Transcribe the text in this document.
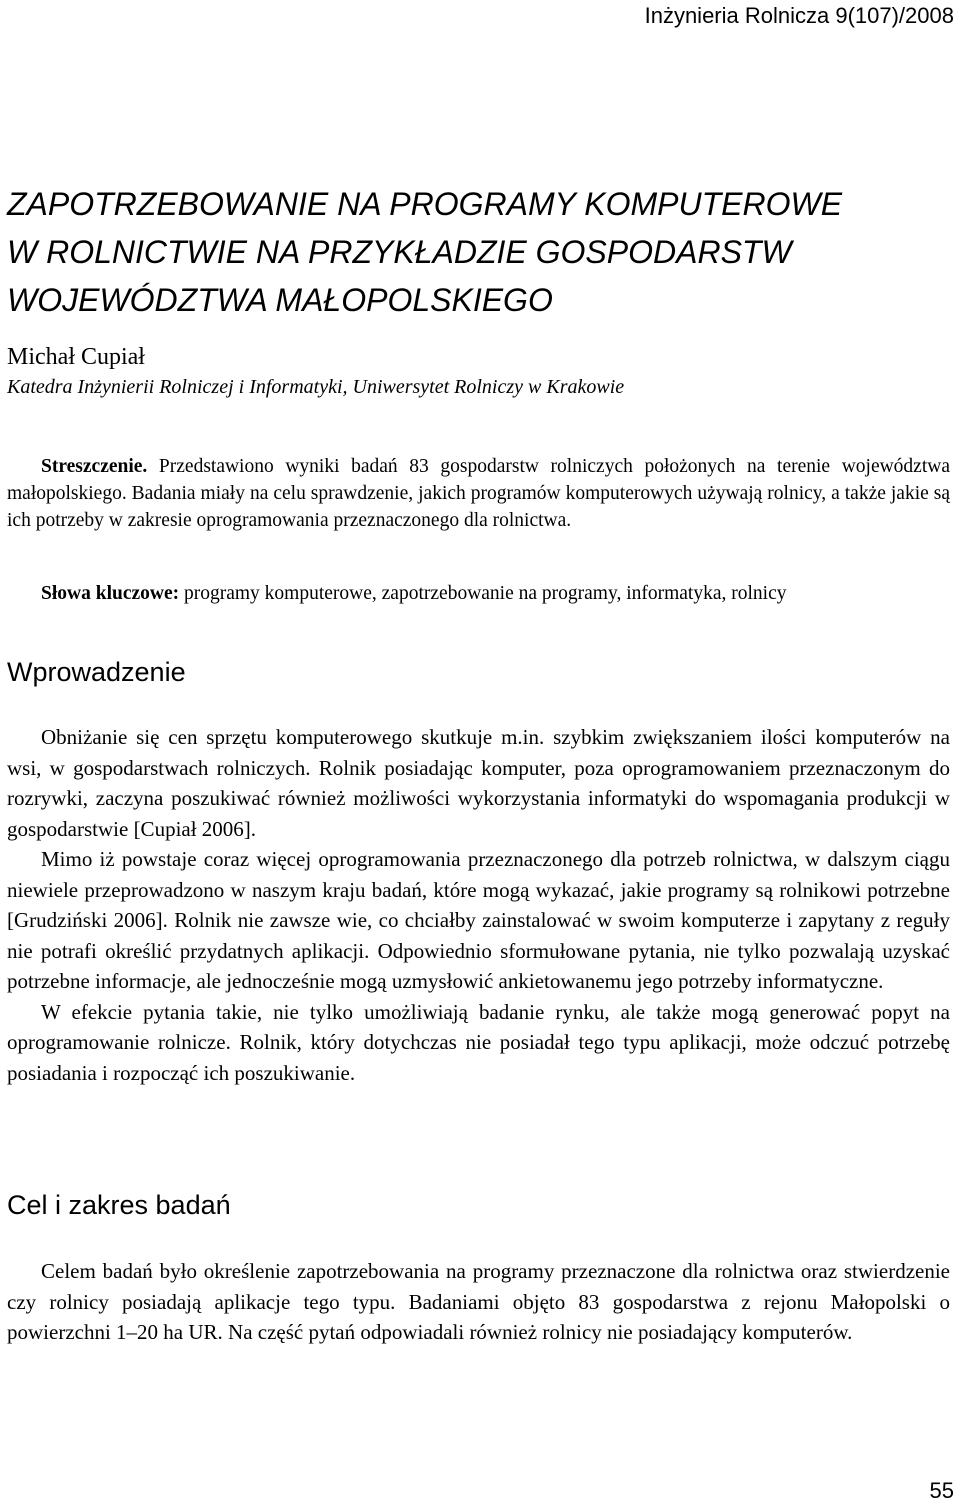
Inżynieria Rolnicza 9(107)/2008
ZAPOTRZEBOWANIE NA PROGRAMY KOMPUTEROWE
W ROLNICTWIE NA PRZYKŁADZIE GOSPODARSTW
WOJEWÓDZTWA MAŁOPOLSKIEGO
Michał Cupiał
Katedra Inżynierii Rolniczej i Informatyki, Uniwersytet Rolniczy w Krakowie

Streszczenie. Przedstawiono wyniki badań 83 gospodarstw rolniczych położonych na terenie województwa małopolskiego. Badania miały na celu sprawdzenie, jakich programów komputerowych używają rolnicy, a także jakie są ich potrzeby w zakresie oprogramowania przeznaczonego dla rolnictwa.

Słowa kluczowe: programy komputerowe, zapotrzebowanie na programy, informatyka, rolnicy

Wprowadzenie

Obniżanie się cen sprzętu komputerowego skutkuje m.in. szybkim zwiększaniem ilości komputerów na wsi, w gospodarstwach rolniczych. Rolnik posiadając komputer, poza oprogramowaniem przeznaczonym do rozrywki, zaczyna poszukiwać również możliwości wykorzystania informatyki do wspomagania produkcji w gospodarstwie [Cupiał 2006].

Mimo iż powstaje coraz więcej oprogramowania przeznaczonego dla potrzeb rolnictwa, w dalszym ciągu niewiele przeprowadzono w naszym kraju badań, które mogą wykazać, jakie programy są rolnikowi potrzebne [Grudziński 2006]. Rolnik nie zawsze wie, co chciałby zainstalować w swoim komputerze i zapytany z reguły nie potrafi określić przydatnych aplikacji. Odpowiednio sformułowane pytania, nie tylko pozwalają uzyskać potrzebne informacje, ale jednocześnie mogą uzmysłowić ankietowanemu jego potrzeby informatyczne.

W efekcie pytania takie, nie tylko umożliwiają badanie rynku, ale także mogą generować popyt na oprogramowanie rolnicze. Rolnik, który dotychczas nie posiadał tego typu aplikacji, może odczuć potrzebę posiadania i rozpocząć ich poszukiwanie.

Cel i zakres badań

Celem badań było określenie zapotrzebowania na programy przeznaczone dla rolnictwa oraz stwierdzenie czy rolnicy posiadają aplikacje tego typu. Badaniami objęto 83 gospodarstwa z rejonu Małopolski o powierzchni 1–20 ha UR. Na część pytań odpowiadali również rolnicy nie posiadający komputerów.

55
